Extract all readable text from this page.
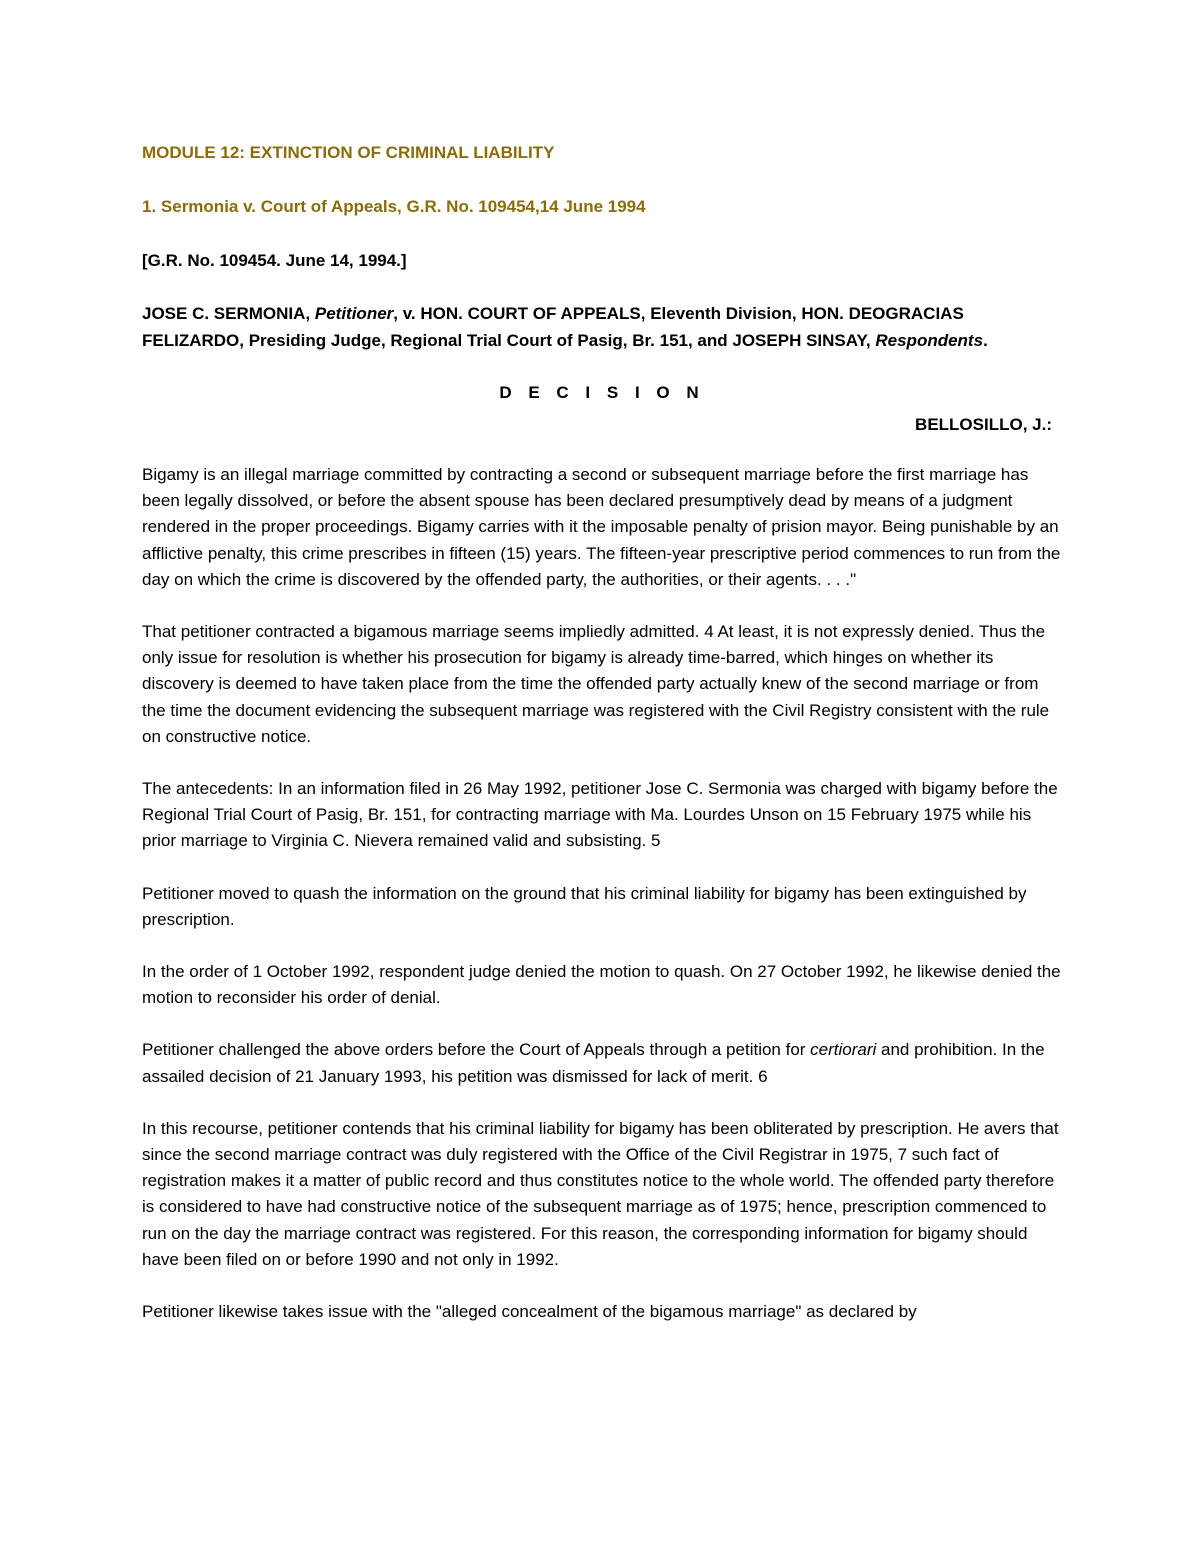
MODULE 12: EXTINCTION OF CRIMINAL LIABILITY

1. Sermonia v. Court of Appeals, G.R. No. 109454,14 June 1994

[G.R. No. 109454. June 14, 1994.]

JOSE C. SERMONIA, Petitioner, v. HON. COURT OF APPEALS, Eleventh Division, HON. DEOGRACIAS FELIZARDO, Presiding Judge, Regional Trial Court of Pasig, Br. 151, and JOSEPH SINSAY, Respondents.

D E C I S I O N

BELLOSILLO, J.:

Bigamy is an illegal marriage committed by contracting a second or subsequent marriage before the first marriage has been legally dissolved, or before the absent spouse has been declared presumptively dead by means of a judgment rendered in the proper proceedings. Bigamy carries with it the imposable penalty of prision mayor. Being punishable by an afflictive penalty, this crime prescribes in fifteen (15) years. The fifteen-year prescriptive period commences to run from the day on which the crime is discovered by the offended party, the authorities, or their agents. . . ."

That petitioner contracted a bigamous marriage seems impliedly admitted. 4 At least, it is not expressly denied. Thus the only issue for resolution is whether his prosecution for bigamy is already time-barred, which hinges on whether its discovery is deemed to have taken place from the time the offended party actually knew of the second marriage or from the time the document evidencing the subsequent marriage was registered with the Civil Registry consistent with the rule on constructive notice.

The antecedents: In an information filed in 26 May 1992, petitioner Jose C. Sermonia was charged with bigamy before the Regional Trial Court of Pasig, Br. 151, for contracting marriage with Ma. Lourdes Unson on 15 February 1975 while his prior marriage to Virginia C. Nievera remained valid and subsisting. 5

Petitioner moved to quash the information on the ground that his criminal liability for bigamy has been extinguished by prescription.

In the order of 1 October 1992, respondent judge denied the motion to quash. On 27 October 1992, he likewise denied the motion to reconsider his order of denial.

Petitioner challenged the above orders before the Court of Appeals through a petition for certiorari and prohibition. In the assailed decision of 21 January 1993, his petition was dismissed for lack of merit. 6

In this recourse, petitioner contends that his criminal liability for bigamy has been obliterated by prescription. He avers that since the second marriage contract was duly registered with the Office of the Civil Registrar in 1975, 7 such fact of registration makes it a matter of public record and thus constitutes notice to the whole world. The offended party therefore is considered to have had constructive notice of the subsequent marriage as of 1975; hence, prescription commenced to run on the day the marriage contract was registered. For this reason, the corresponding information for bigamy should have been filed on or before 1990 and not only in 1992.

Petitioner likewise takes issue with the "alleged concealment of the bigamous marriage" as declared by
